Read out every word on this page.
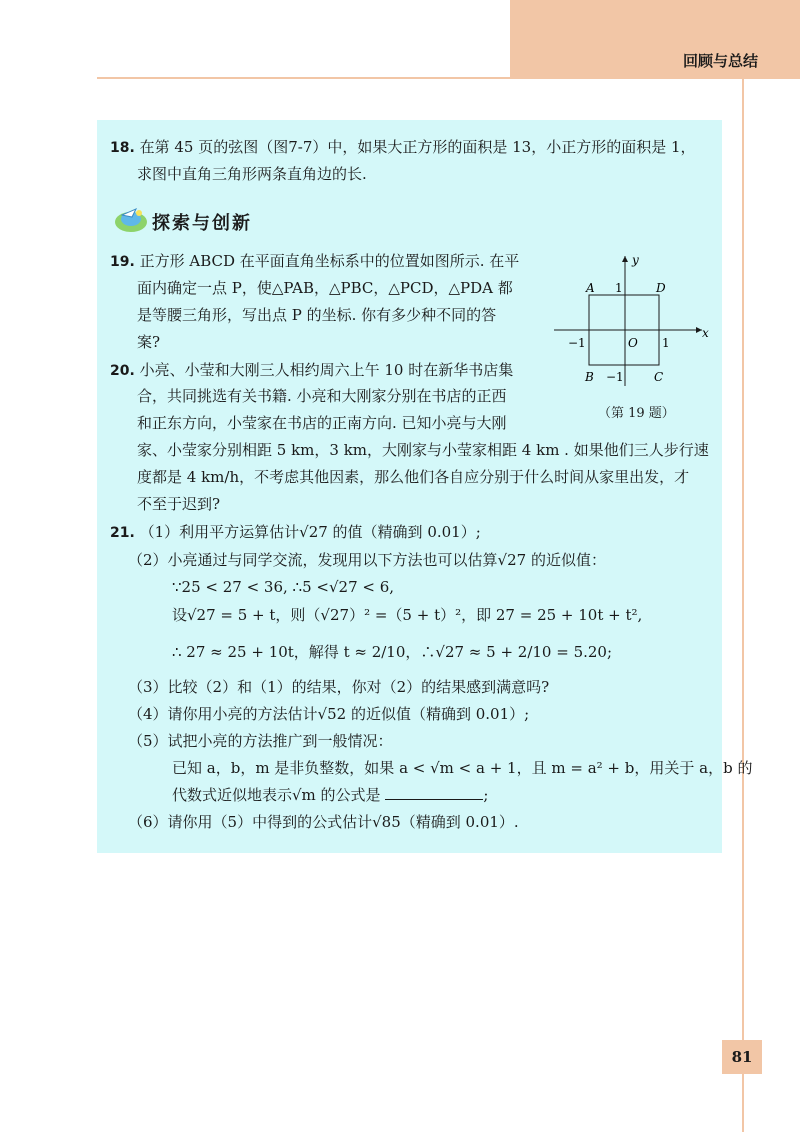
回顾与总结
18. 在第 45 页的弦图（图7-7）中，如果大正方形的面积是 13，小正方形的面积是 1，
求图中直角三角形两条直角边的长.
探索与创新
19. 正方形 ABCD 在平面直角坐标系中的位置如图所示. 在平
面内确定一点 P，使△PAB，△PBC，△PCD，△PDA 都
是等腰三角形，写出点 P 的坐标. 你有多少种不同的答
案?
y
x
A	D
B	C
O
1
1
−1
−1
（第 19 题）
20. 小亮、小莹和大刚三人相约周六上午 10 时在新华书店集
合，共同挑选有关书籍. 小亮和大刚家分别在书店的正西
和正东方向，小莹家在书店的正南方向. 已知小亮与大刚
家、小莹家分别相距 5 km，3 km，大刚家与小莹家相距 4 km . 如果他们三人步行速
度都是 4 km/h，不考虑其他因素，那么他们各自应分别于什么时间从家里出发，才
不至于迟到?
21. （1）利用平方运算估计√27 的值（精确到 0.01）;
（2）小亮通过与同学交流，发现用以下方法也可以估算√27 的近似值：
∵25 < 27 < 36, ∴5 <√27 < 6,
设√27 = 5 + t，则（√27）² =（5 + t）²，即 27 = 25 + 10t + t²,
∴ 27 ≈ 25 + 10t，解得 t ≈ 2/10，∴√27 ≈ 5 + 2/10 = 5.20;
（3）比较（2）和（1）的结果，你对（2）的结果感到满意吗?
（4）请你用小亮的方法估计√52 的近似值（精确到 0.01）;
（5）试把小亮的方法推广到一般情况：
已知 a，b，m 是非负整数，如果 a < √m < a + 1，且 m = a² + b，用关于 a，b 的
代数式近似地表示√m 的公式是	;
（6）请你用（5）中得到的公式估计√85（精确到 0.01）.
81
